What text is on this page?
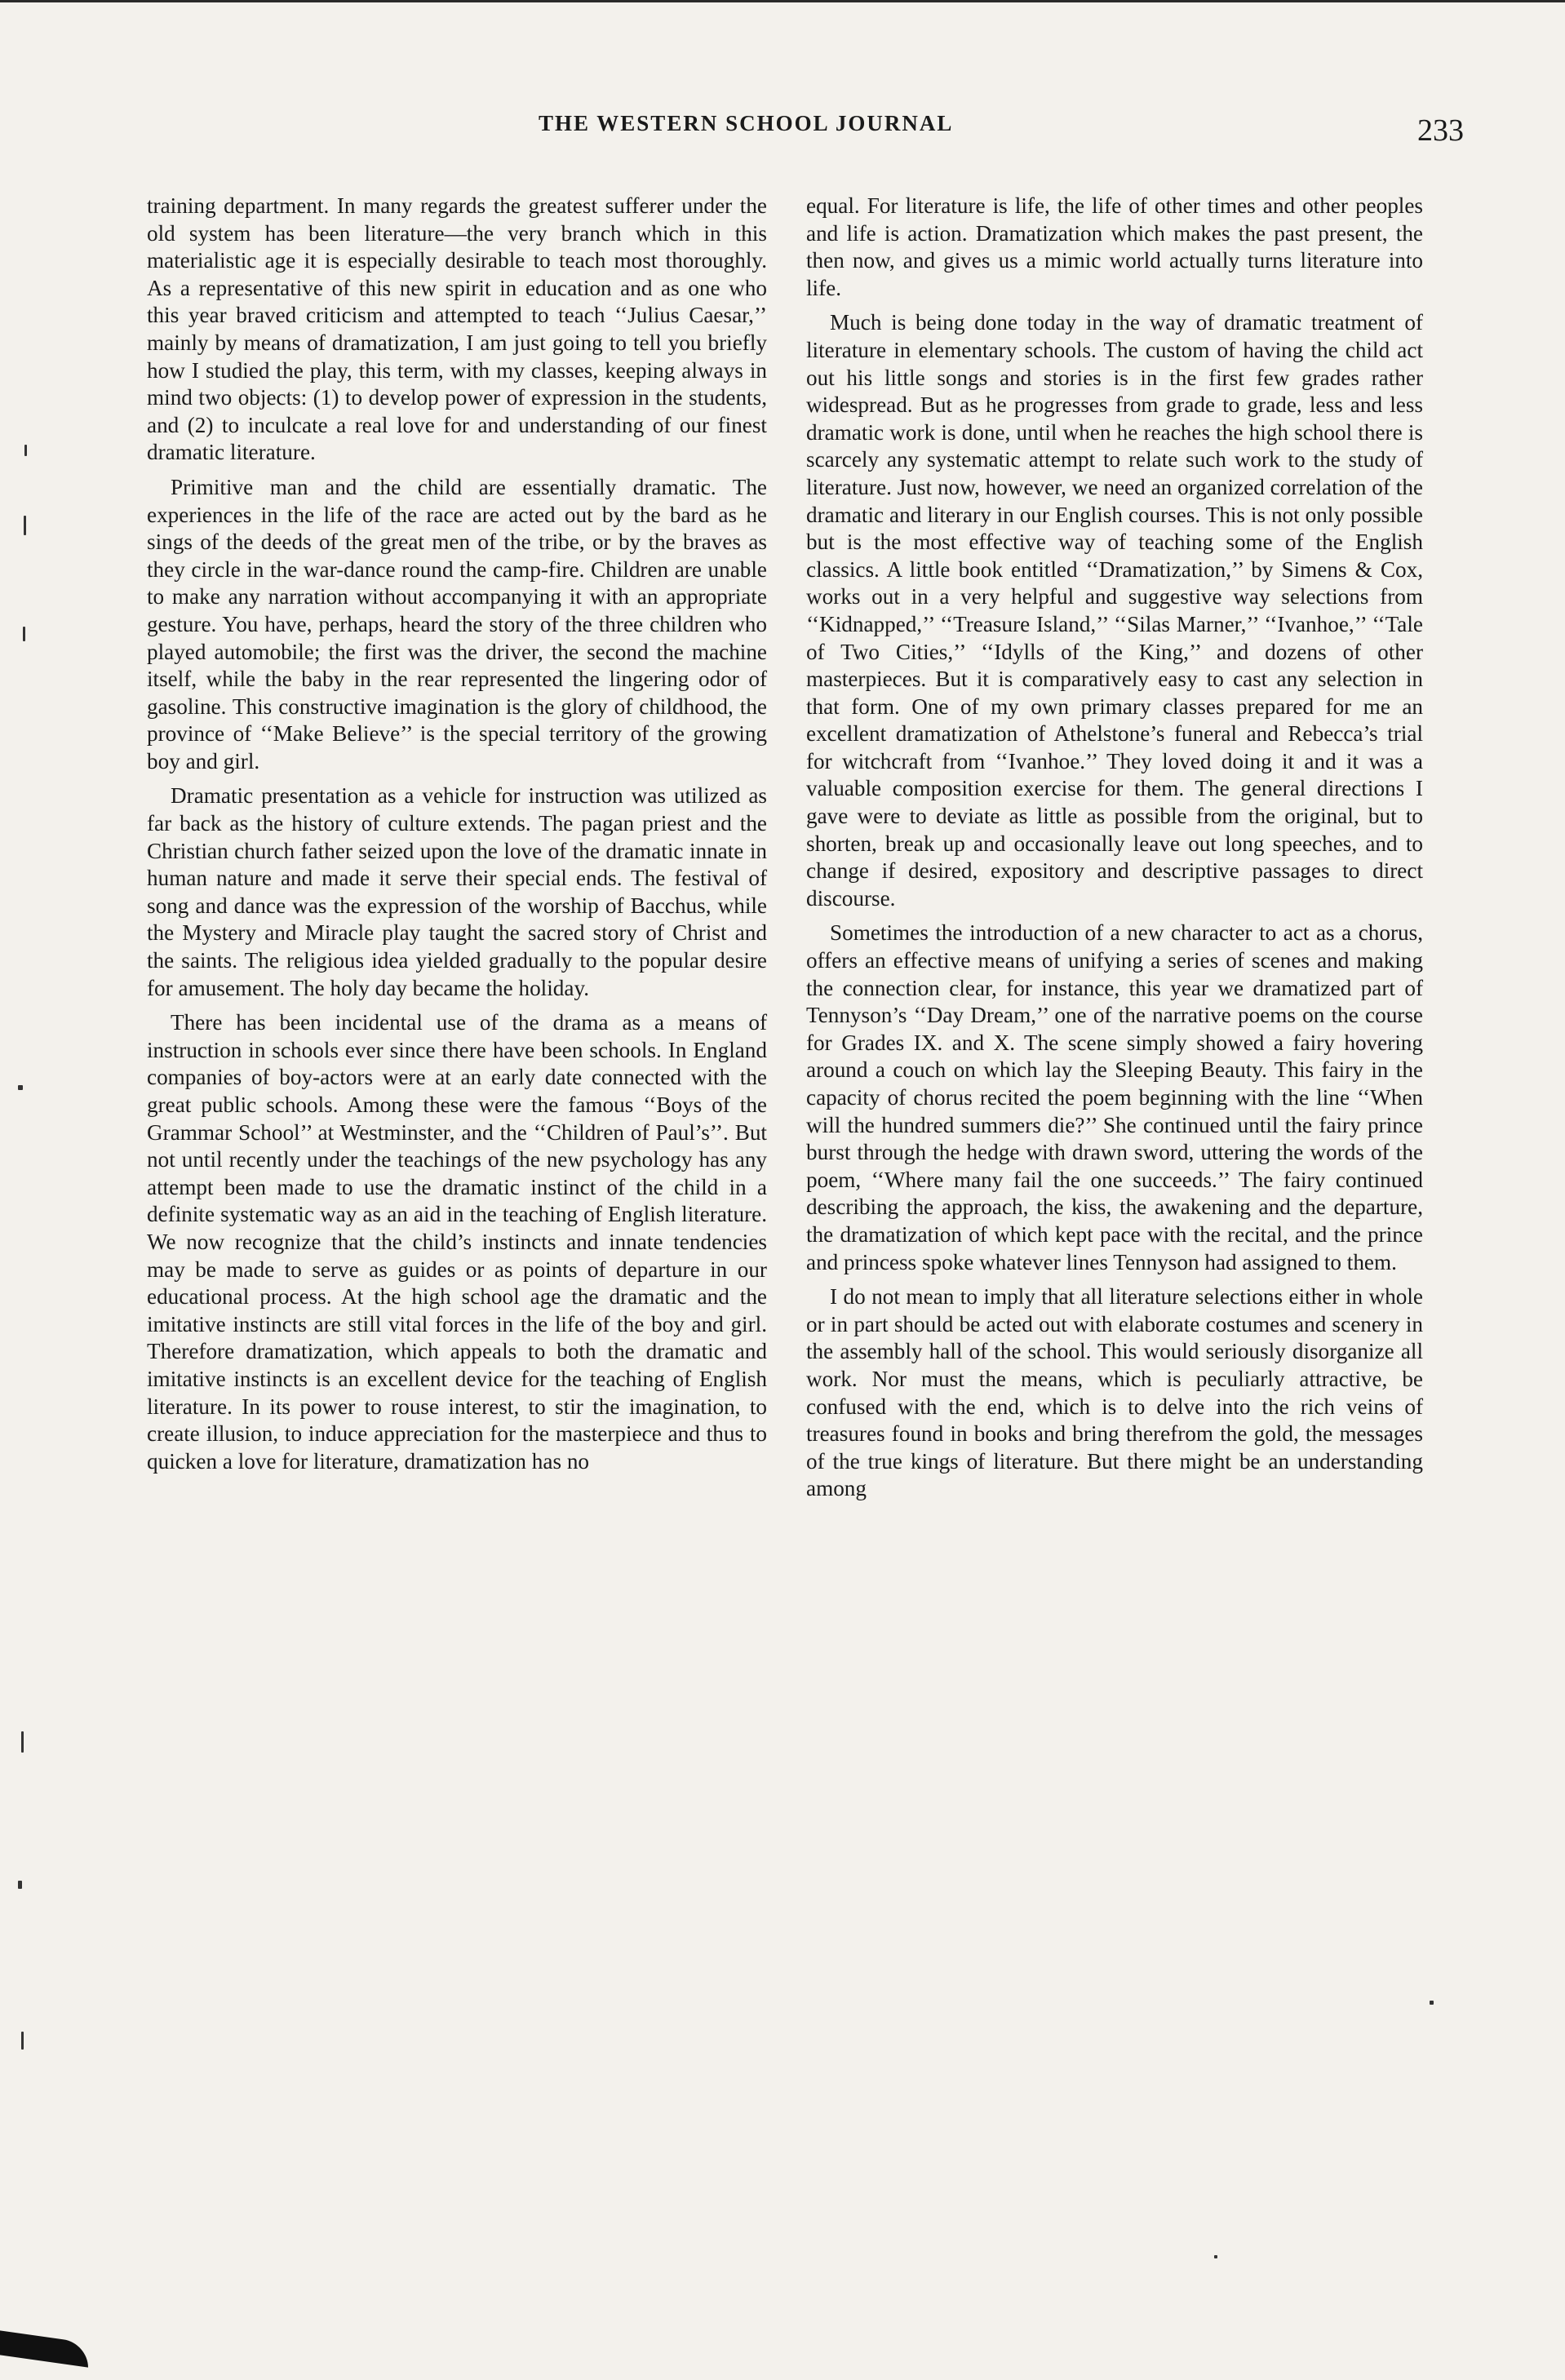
THE WESTERN SCHOOL JOURNAL	233

training department. In many regards the greatest sufferer under the old system has been literature—the very branch which in this materialistic age it is especially desirable to teach most thoroughly. As a representative of this new spirit in education and as one who this year braved criticism and attempted to teach ‘‘Julius Caesar,’’ mainly by means of dramatization, I am just going to tell you briefly how I studied the play, this term, with my classes, keeping always in mind two objects: (1) to develop power of expression in the students, and (2) to inculcate a real love for and understanding of our finest dramatic literature.

Primitive man and the child are essentially dramatic. The experiences in the life of the race are acted out by the bard as he sings of the deeds of the great men of the tribe, or by the braves as they circle in the war-dance round the camp-fire. Children are unable to make any narration without accompanying it with an appropriate gesture. You have, perhaps, heard the story of the three children who played automobile; the first was the driver, the second the machine itself, while the baby in the rear represented the lingering odor of gasoline. This constructive imagination is the glory of childhood, the province of ‘‘Make Believe’’ is the special territory of the growing boy and girl.

Dramatic presentation as a vehicle for instruction was utilized as far back as the history of culture extends. The pagan priest and the Christian church father seized upon the love of the dramatic innate in human nature and made it serve their special ends. The festival of song and dance was the expression of the worship of Bacchus, while the Mystery and Miracle play taught the sacred story of Christ and the saints. The religious idea yielded gradually to the popular desire for amusement. The holy day became the holiday.

There has been incidental use of the drama as a means of instruction in schools ever since there have been schools. In England companies of boy-actors were at an early date connected with the great public schools. Among these were the famous ‘‘Boys of the Grammar School’’ at Westminster, and the ‘‘Children of Paul’s’’. But not until recently under the teachings of the new psychology has any attempt been made to use the dramatic instinct of the child in a definite systematic way as an aid in the teaching of English literature. We now recognize that the child’s instincts and innate tendencies may be made to serve as guides or as points of departure in our educational process. At the high school age the dramatic and the imitative instincts are still vital forces in the life of the boy and girl. Therefore dramatization, which appeals to both the dramatic and imitative instincts is an excellent device for the teaching of English literature. In its power to rouse interest, to stir the imagination, to create illusion, to induce appreciation for the masterpiece and thus to quicken a love for literature, dramatization has no

equal. For literature is life, the life of other times and other peoples and life is action. Dramatization which makes the past present, the then now, and gives us a mimic world actually turns literature into life.

Much is being done today in the way of dramatic treatment of literature in elementary schools. The custom of having the child act out his little songs and stories is in the first few grades rather widespread. But as he progresses from grade to grade, less and less dramatic work is done, until when he reaches the high school there is scarcely any systematic attempt to relate such work to the study of literature. Just now, however, we need an organized correlation of the dramatic and literary in our English courses. This is not only possible but is the most effective way of teaching some of the English classics. A little book entitled ‘‘Dramatization,’’ by Simens & Cox, works out in a very helpful and suggestive way selections from ‘‘Kidnapped,’’ ‘‘Treasure Island,’’ ‘‘Silas Marner,’’ ‘‘Ivanhoe,’’ ‘‘Tale of Two Cities,’’ ‘‘Idylls of the King,’’ and dozens of other masterpieces. But it is comparatively easy to cast any selection in that form. One of my own primary classes prepared for me an excellent dramatization of Athelstone’s funeral and Rebecca’s trial for witchcraft from ‘‘Ivanhoe.’’ They loved doing it and it was a valuable composition exercise for them. The general directions I gave were to deviate as little as possible from the original, but to shorten, break up and occasionally leave out long speeches, and to change if desired, expository and descriptive passages to direct discourse.

Sometimes the introduction of a new character to act as a chorus, offers an effective means of unifying a series of scenes and making the connection clear, for instance, this year we dramatized part of Tennyson’s ‘‘Day Dream,’’ one of the narrative poems on the course for Grades IX. and X. The scene simply showed a fairy hovering around a couch on which lay the Sleeping Beauty. This fairy in the capacity of chorus recited the poem beginning with the line ‘‘When will the hundred summers die?’’ She continued until the fairy prince burst through the hedge with drawn sword, uttering the words of the poem, ‘‘Where many fail the one succeeds.’’ The fairy continued describing the approach, the kiss, the awakening and the departure, the dramatization of which kept pace with the recital, and the prince and princess spoke whatever lines Tennyson had assigned to them.

I do not mean to imply that all literature selections either in whole or in part should be acted out with elaborate costumes and scenery in the assembly hall of the school. This would seriously disorganize all work. Nor must the means, which is peculiarly attractive, be confused with the end, which is to delve into the rich veins of treasures found in books and bring therefrom the gold, the messages of the true kings of literature. But there might be an understanding among
